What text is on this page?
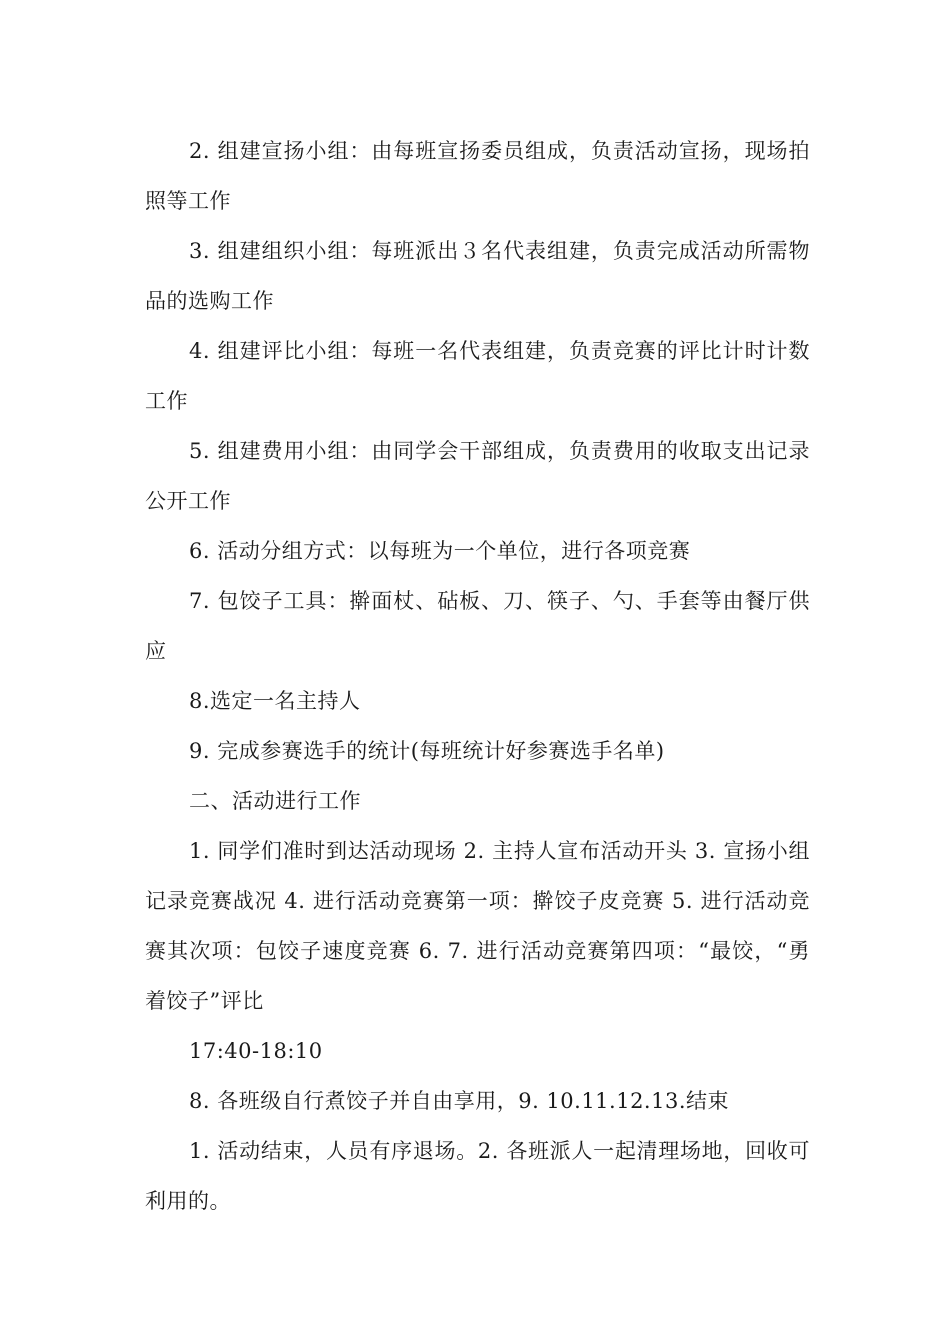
2. 组建宣扬小组：由每班宣扬委员组成，负责活动宣扬，现场拍照等工作

3. 组建组织小组：每班派出３名代表组建，负责完成活动所需物品的选购工作

4. 组建评比小组：每班一名代表组建，负责竞赛的评比计时计数工作

5. 组建费用小组：由同学会干部组成，负责费用的收取支出记录公开工作

6. 活动分组方式：以每班为一个单位，进行各项竞赛

7. 包饺子工具：擀面杖、砧板、刀、筷子、勺、手套等由餐厅供应

8.选定一名主持人

9. 完成参赛选手的统计(每班统计好参赛选手名单)

二、活动进行工作

1. 同学们准时到达活动现场 2. 主持人宣布活动开头 3. 宣扬小组记录竞赛战况 4. 进行活动竞赛第一项：擀饺子皮竞赛 5. 进行活动竞赛其次项：包饺子速度竞赛 6. 7. 进行活动竞赛第四项：“最饺，“勇着饺子”评比

17:40-18:10

8. 各班级自行煮饺子并自由享用，9. 10.11.12.13.结束

1. 活动结束，人员有序退场。2. 各班派人一起清理场地，回收可利用的。
